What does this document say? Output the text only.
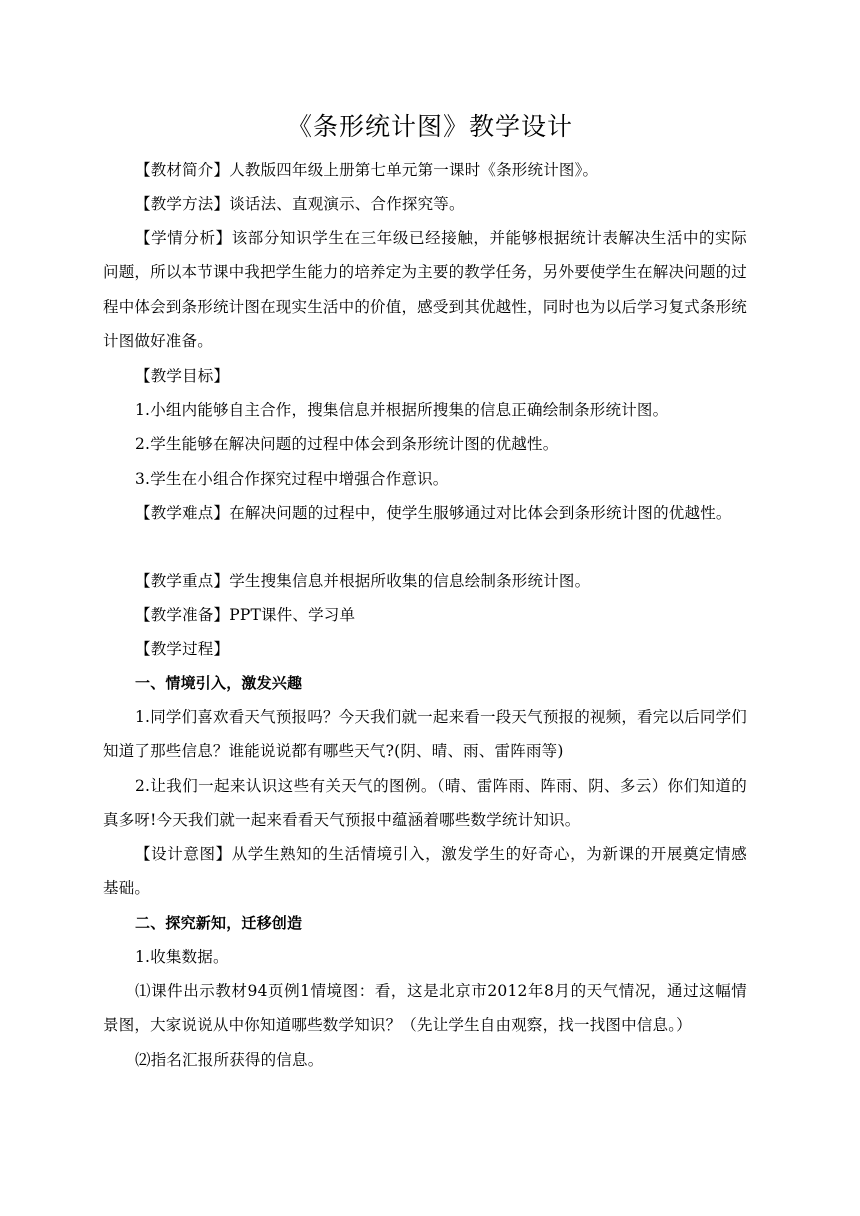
《条形统计图》教学设计

【教材简介】人教版四年级上册第七单元第一课时《条形统计图》。

【教学方法】谈话法、直观演示、合作探究等。

【学情分析】该部分知识学生在三年级已经接触，并能够根据统计表解决生活中的实际问题，所以本节课中我把学生能力的培养定为主要的教学任务，另外要使学生在解决问题的过程中体会到条形统计图在现实生活中的价值，感受到其优越性，同时也为以后学习复式条形统计图做好准备。

【教学目标】

1.小组内能够自主合作，搜集信息并根据所搜集的信息正确绘制条形统计图。

2.学生能够在解决问题的过程中体会到条形统计图的优越性。

3.学生在小组合作探究过程中增强合作意识。

【教学难点】在解决问题的过程中，使学生服够通过对比体会到条形统计图的优越性。

【教学重点】学生搜集信息并根据所收集的信息绘制条形统计图。

【教学准备】PPT课件、学习单

【教学过程】

一、情境引入，激发兴趣

1.同学们喜欢看天气预报吗？今天我们就一起来看一段天气预报的视频，看完以后同学们知道了那些信息？谁能说说都有哪些天气?(阴、晴、雨、雷阵雨等)

2.让我们一起来认识这些有关天气的图例。（晴、雷阵雨、阵雨、阴、多云）你们知道的真多呀!今天我们就一起来看看天气预报中蕴涵着哪些数学统计知识。

【设计意图】从学生熟知的生活情境引入，激发学生的好奇心，为新课的开展奠定情感基础。

二、探究新知，迁移创造

1.收集数据。

⑴课件出示教材94页例1情境图：看，这是北京市2012年8月的天气情况，通过这幅情景图，大家说说从中你知道哪些数学知识？（先让学生自由观察，找一找图中信息。）

⑵指名汇报所获得的信息。
